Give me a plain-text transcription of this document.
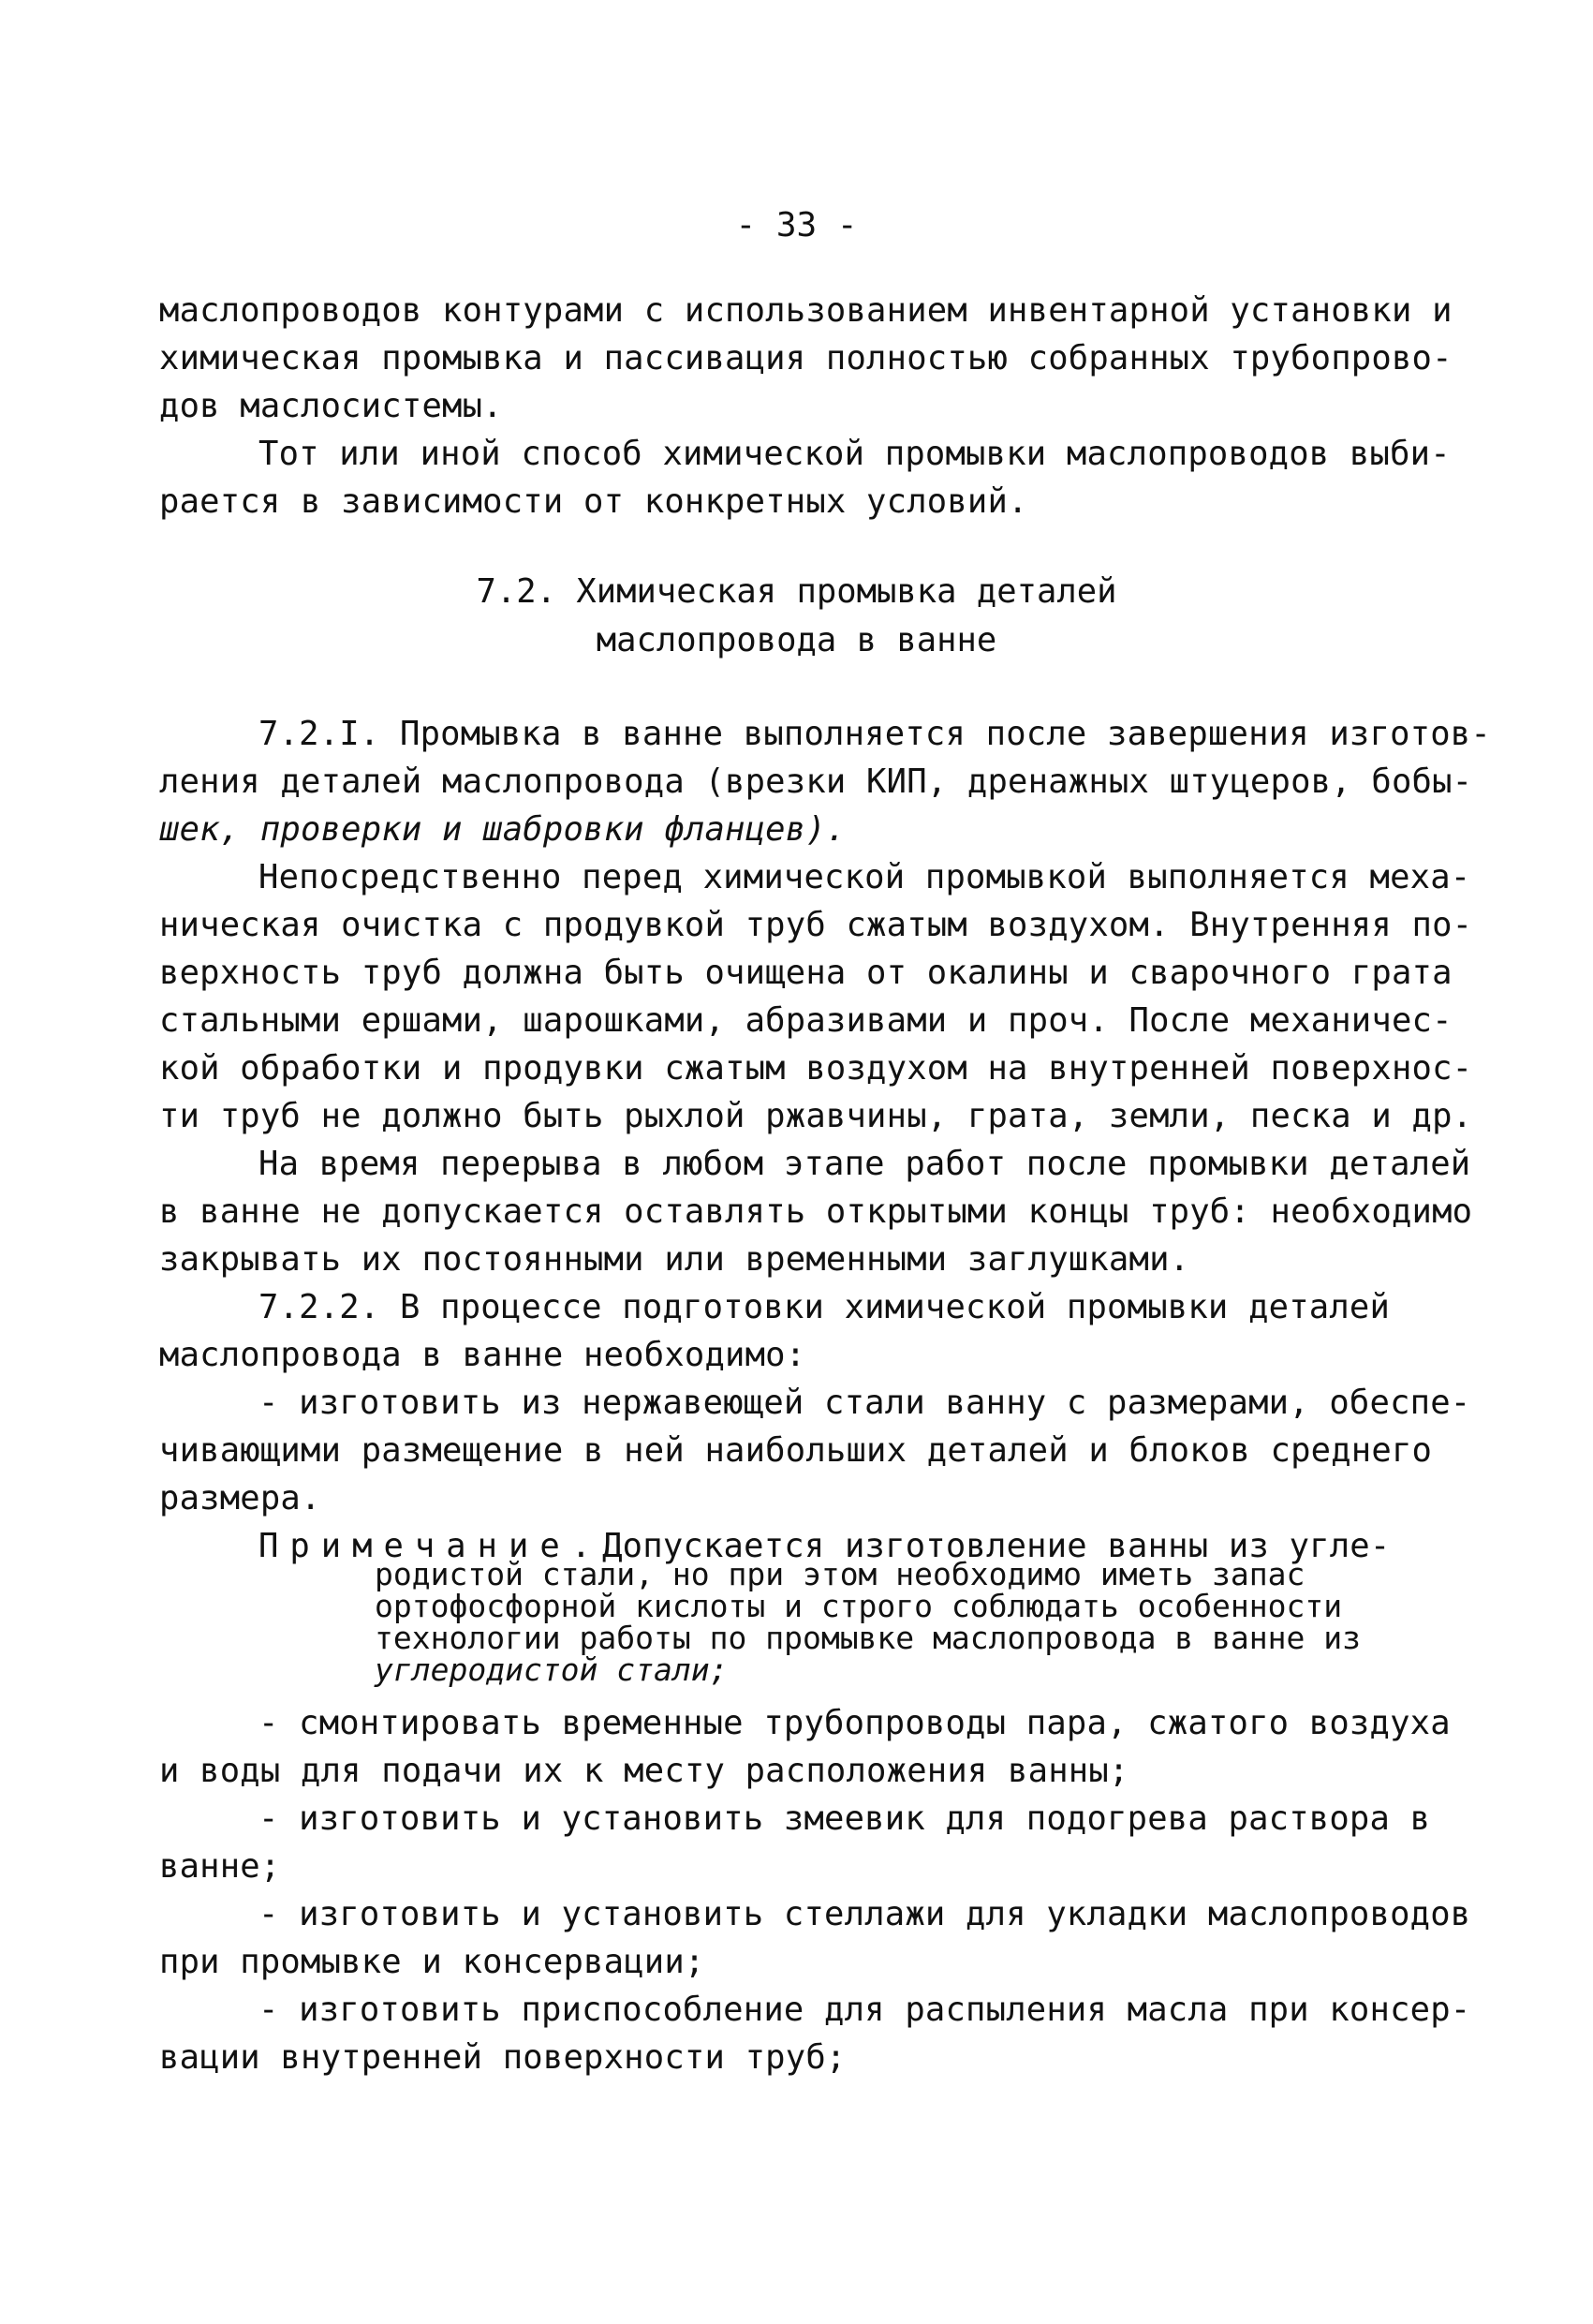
- 33 -
маслопроводов контурами с использованием инвентарной установки и
химическая промывка и пассивация полностью собранных трубопрово-
дов маслосистемы.
Тот или иной способ химической промывки маслопроводов выби-
рается в зависимости от конкретных условий.
7.2. Химическая промывка деталей
маслопровода в ванне
7.2.I. Промывка в ванне выполняется после завершения изготов-
ления деталей маслопровода (врезки КИП, дренажных штуцеров, бобы-
шек, проверки и шабровки фланцев).
Непосредственно перед химической промывкой выполняется меха-
ническая очистка с продувкой труб сжатым воздухом. Внутренняя по-
верхность труб должна быть очищена от окалины и сварочного грата
стальными ершами, шарошками, абразивами и проч. После механичес-
кой обработки и продувки сжатым воздухом на внутренней поверхнос-
ти труб не должно быть рыхлой ржавчины, грата, земли, песка и др.
На время перерыва в любом этапе работ после промывки деталей
в ванне не допускается оставлять открытыми концы труб: необходимо
закрывать их постоянными или временными заглушками.
7.2.2. В процессе подготовки химической промывки деталей
маслопровода в ванне необходимо:
- изготовить из нержавеющей стали ванну с размерами, обеспе-
чивающими размещение в ней наибольших деталей и блоков среднего
размера.
Примечание.Допускается изготовление ванны из угле-
родистой стали, но при этом необходимо иметь запас
ортофосфорной кислоты и строго соблюдать особенности
технологии работы по промывке маслопровода в ванне из
углеродистой стали;
- смонтировать временные трубопроводы пара, сжатого воздуха
и воды для подачи их к месту расположения ванны;
- изготовить и установить змеевик для подогрева раствора в
ванне;
- изготовить и установить стеллажи для укладки маслопроводов
при промывке и консервации;
- изготовить приспособление для распыления масла при консер-
вации внутренней поверхности труб;
